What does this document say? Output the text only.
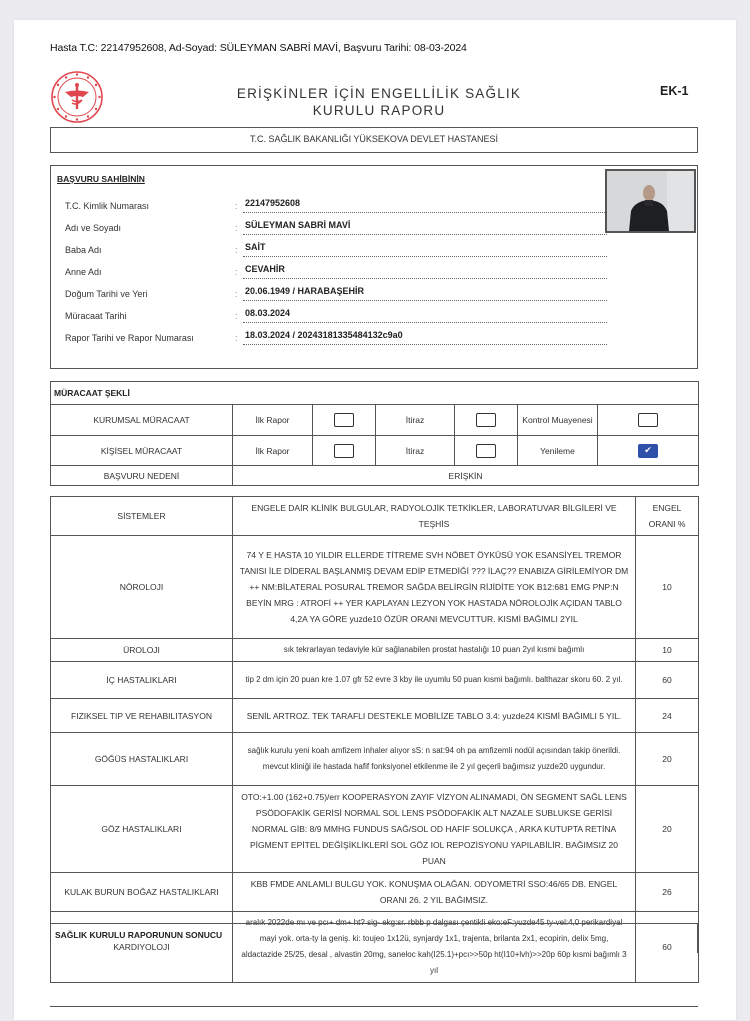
Hasta T.C: 22147952608, Ad-Soyad: SÜLEYMAN SABRİ MAVİ, Başvuru Tarihi: 08-03-2024
ERİŞKİNLER İÇİN ENGELLİLİK SAĞLIK
KURULU RAPORU
EK-1
T.C. SAĞLIK BAKANLIĞI YÜKSEKOVA DEVLET HASTANESİ
BAŞVURU SAHİBİNİN
T.C. Kimlik Numarası	: 22147952608
Adı ve Soyadı	: SÜLEYMAN SABRİ MAVİ
Baba Adı	: SAİT
Anne Adı	: CEVAHİR
Doğum Tarihi ve Yeri	: 20.06.1949 / HARABAŞEHİR
Müracaat Tarihi	: 08.03.2024
Rapor Tarihi ve Rapor Numarası	: 18.03.2024 / 20243181335484132c9a0
MÜRACAAT ŞEKLİ						
KURUMSAL MÜRACAAT	İlk Rapor		İtiraz		Kontrol Muayenesi	
KİŞİSEL MÜRACAAT	İlk Rapor		İtiraz		Yenileme	✔
BAŞVURU NEDENİ	ERİŞKİN					
SİSTEMLER	ENGELE DAİR KLİNİK BULGULAR, RADYOLOJİK TETKİKLER, LABORATUVAR BİLGİLERİ VE TEŞHİS	ENGEL ORANI %
NÖROLOJI	74 Y E HASTA 10 YILDIR ELLERDE TİTREME SVH NÖBET ÖYKÜSÜ YOK ESANSİYEL TREMOR TANISI İLE DİDERAL BAŞLANMIŞ DEVAM EDİP ETMEDİĞİ ??? İLAÇ?? ENABIZA GİRİLEMİYOR DM ++ NM:BİLATERAL POSURAL TREMOR SAĞDA BELİRGİN RİJİDİTE YOK B12:681 EMG PNP:N BEYİN MRG : ATROFİ ++ YER KAPLAYAN LEZYON YOK HASTADA NÖROLOJİK AÇIDAN TABLO 4,2A YA GÖRE yuzde10 ÖZÜR ORANI MEVCUTTUR. KISMİ BAĞIMLI 2YIL	10
ÜROLOJI	sık tekrarlayan tedaviyle kür sağlanabilen prostat hastalığı 10 puan 2yıl kısmi bağımlı	10
İÇ HASTALIKLARI	tip 2 dm için 20 puan kre 1.07 gfr 52 evre 3 kby ile uyumlu 50 puan kısmi bağımlı. balthazar skoru 60. 2 yıl.	60
FIZIKSEL TIP VE REHABILITASYON	SENİL ARTROZ. TEK TARAFLI DESTEKLE MOBİLİZE TABLO 3.4: yuzde24 KISMİ BAĞIMLI 5 YIL.	24
GÖĞÜS HASTALIKLARI	sağlık kurulu yeni koah amfizem inhaler alıyor sS: n sat:94 oh pa amfizemli nodül açısından takip önerildi. mevcut kliniği ile hastada hafif fonksiyonel etkilenme ile 2 yıl geçerli bağımsız yuzde20 uygundur.	20
GÖZ HASTALIKLARI	OTO:+1.00 (162+0.75)/err KOOPERASYON ZAYIF VİZYON ALINAMADI, ÖN SEGMENT SAĞL LENS PSÖDOFAKİK GERİSİ NORMAL SOL LENS PSÖDOFAKİK ALT NAZALE SUBLUKSE GERİSİ NORMAL GİB: 8/9 MMHG FUNDUS SAĞ/SOL OD HAFİF SOLUKÇA , ARKA KUTUPTA RETİNA PİGMENT EPİTEL DEĞİŞİKLİKLERİ SOL GÖZ IOL REPOZİSYONU YAPILABİLİR. BAĞIMSIZ 20 PUAN	20
KULAK BURUN BOĞAZ HASTALIKLARI	KBB FMDE ANLAMLI BULGU YOK. KONUŞMA OLAĞAN. ODYOMETRİ SSO:46/65 DB. ENGEL ORANI 26. 2 YIL BAĞIMSIZ.	26
KARDIYOLOJI	aralık 2022de mı ve pcı+ dm+ ht? sig- ekg:sr. rbbb p dalgası çentikli eko:eF:yuzde45 ty-vel:4,0 perikardiyal mayi yok. orta-ty la geniş. ki: toujeo 1x12ü, synjardy 1x1, trajenta, brilanta 2x1, ecopirin, delix 5mg, aldactazide 25/25, desal , alvastin 20mg, saneloc kah(I25.1)+pcı>>50p ht(I10+lvh)>>20p 60p kısmi bağımlı 3 yıl	60
SAĞLIK KURULU RAPORUNUN SONUCU
